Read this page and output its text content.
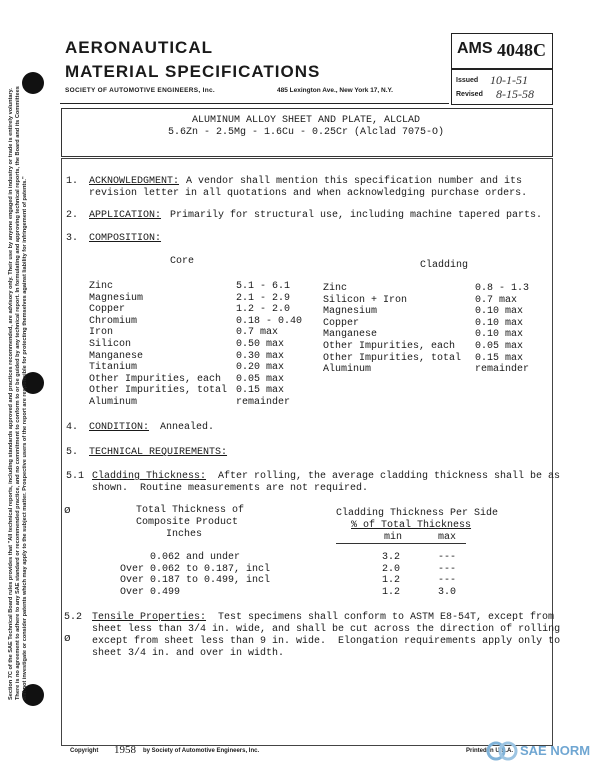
Section 7C of the SAE Technical Board rules provides that "All technical reports, including standards approved and practices recommended, are advisory only. Their use by anyone engaged in industry or trade is entirely voluntary. There is no agreement to adhere to any SAE standard or recommended practice, and no commitment to conform to or be guided by any technical report. In formulating and approving technical reports, the Board and its Committees will not investigate or consider patents which may apply to the subject matter. Prospective users of the report are responsible for protecting themselves against liability for infringement of patents."
AERONAUTICAL
MATERIAL SPECIFICATIONS
SOCIETY OF AUTOMOTIVE ENGINEERS, Inc.	485 Lexington Ave., New York 17, N.Y.
AMS 4048C
Issued 10-1-51
Revised 8-15-58
ALUMINUM ALLOY SHEET AND PLATE, ALCLAD
5.6Zn - 2.5Mg - 1.6Cu - 0.25Cr (Alclad 7075-O)
1. ACKNOWLEDGMENT: A vendor shall mention this specification number and its
revision letter in all quotations and when acknowledging purchase orders.
2. APPLICATION: Primarily for structural use, including machine tapered parts.
3. COMPOSITION:
Core	Cladding
Zinc	5.1 - 6.1
Magnesium	2.1 - 2.9
Copper	1.2 - 2.0
Chromium	0.18 - 0.40
Iron	0.7 max
Silicon	0.50 max
Manganese	0.30 max
Titanium	0.20 max
Other Impurities, each 0.05 max
Other Impurities, total 0.15 max
Aluminum	remainder
Zinc	0.8 - 1.3
Silicon + Iron	0.7 max
Magnesium	0.10 max
Copper	0.10 max
Manganese	0.10 max
Other Impurities, each 0.05 max
Other Impurities, total 0.15 max
Aluminum	remainder
4. CONDITION: Annealed.
5. TECHNICAL REQUIREMENTS:
5.1 Cladding Thickness: After rolling, the average cladding thickness shall be as
shown.  Routine measurements are not required.
ø	Total Thickness of
Composite Product
Inches
Cladding Thickness Per Side
% of Total Thickness
min	max
0.062 and under	3.2	---
Over 0.062 to 0.187, incl	2.0	---
Over 0.187 to 0.499, incl	1.2	---
Over 0.499	1.2	3.0
5.2 Tensile Properties: Test specimens shall conform to ASTM E8-54T, except from
sheet less than 3/4 in. wide, and shall be cut across the direction of rolling
ø except from sheet less than 9 in. wide.  Elongation requirements apply only to
sheet 3/4 in. and over in width.
Copyright 1958 by Society of Automotive Engineers, Inc.	Printed in U.S.A. SAE NORM
